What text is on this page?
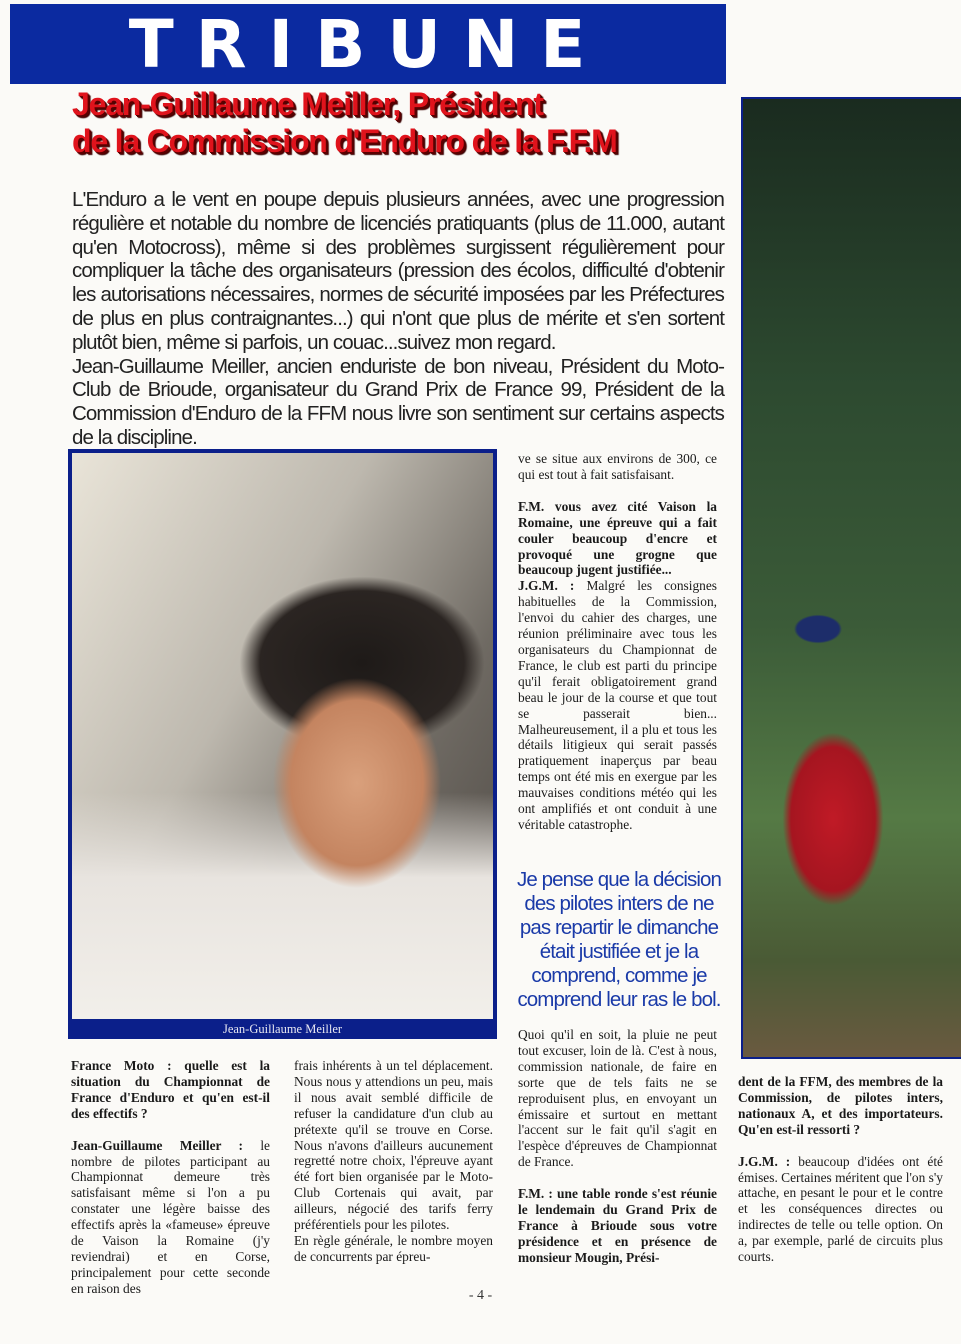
TRIBUNE
Jean-Guillaume Meiller, Président
de la Commission d'Enduro de la F.F.M

L'Enduro a le vent en poupe depuis plusieurs années, avec une progression régulière et notable du nombre de licenciés pratiquants (plus de 11.000, autant qu'en Motocross), même si des problèmes surgissent régulièrement pour compliquer la tâche des organisateurs (pression des écolos, difficulté d'obtenir les autorisations nécessaires, normes de sécurité imposées par les Préfectures de plus en plus contraignantes...) qui n'ont que plus de mérite et s'en sortent plutôt bien, même si parfois, un couac...suivez mon regard.

Jean-Guillaume Meiller, ancien enduriste de bon niveau, Président du Moto-Club de Brioude, organisateur du Grand Prix de France 99, Président de la Commission d'Enduro de la FFM nous livre son sentiment sur certains aspects de la discipline.

Jean-Guillaume Meiller

France Moto : quelle est la situation du Championnat de France d'Enduro et qu'en est-il des effectifs ?

Jean-Guillaume Meiller : le nombre de pilotes participant au Championnat demeure très satisfaisant même si l'on a pu constater une légère baisse des effectifs après la «fameuse» épreuve de Vaison la Romaine (j'y reviendrai) et en Corse, principalement pour cette seconde en raison des

frais inhérents à un tel déplacement. Nous nous y attendions un peu, mais il nous avait semblé difficile de refuser la candidature d'un club au prétexte qu'il se trouve en Corse. Nous n'avons d'ailleurs aucunement regretté notre choix, l'épreuve ayant été fort bien organisée par le Moto-Club Cortenais qui avait, par ailleurs, négocié des tarifs ferry préférentiels pour les pilotes.

En règle générale, le nombre moyen de concurrents par épreu-

ve se situe aux environs de 300, ce qui est tout à fait satisfaisant.

F.M. vous avez cité Vaison la Romaine, une épreuve qui a fait couler beaucoup d'encre et provoqué une grogne que beaucoup jugent justifiée...

J.G.M. : Malgré les consignes habituelles de la Commission, l'envoi du cahier des charges, une réunion préliminaire avec tous les organisateurs du Championnat de France, le club est parti du principe qu'il ferait obligatoirement grand beau le jour de la course et que tout se passerait bien... Malheureusement, il a plu et tous les détails litigieux qui serait passés pratiquement inaperçus par beau temps ont été mis en exergue par les mauvaises conditions météo qui les ont amplifiés et ont conduit à une véritable catastrophe.

Je pense que la décision des pilotes inters de ne pas repartir le dimanche était justifiée et je la comprend, comme je comprend leur ras le bol.

Quoi qu'il en soit, la pluie ne peut tout excuser, loin de là. C'est à nous, commission nationale, de faire en sorte que de tels faits ne se reproduisent plus, en envoyant un émissaire et surtout en mettant l'accent sur le fait qu'il s'agit en l'espèce d'épreuves de Championnat de France.

F.M. : une table ronde s'est réunie le lendemain du Grand Prix de France à Brioude sous votre présidence et en présence de monsieur Mougin, Prési-

dent de la FFM, des membres de la Commission, de pilotes inters, nationaux A, et des importateurs. Qu'en est-il ressorti ?

J.G.M. : beaucoup d'idées ont été émises. Certaines méritent que l'on s'y attache, en pesant le pour et le contre et les conséquences directes ou indirectes de telle ou telle option. On a, par exemple, parlé de circuits plus courts.

- 4 -
